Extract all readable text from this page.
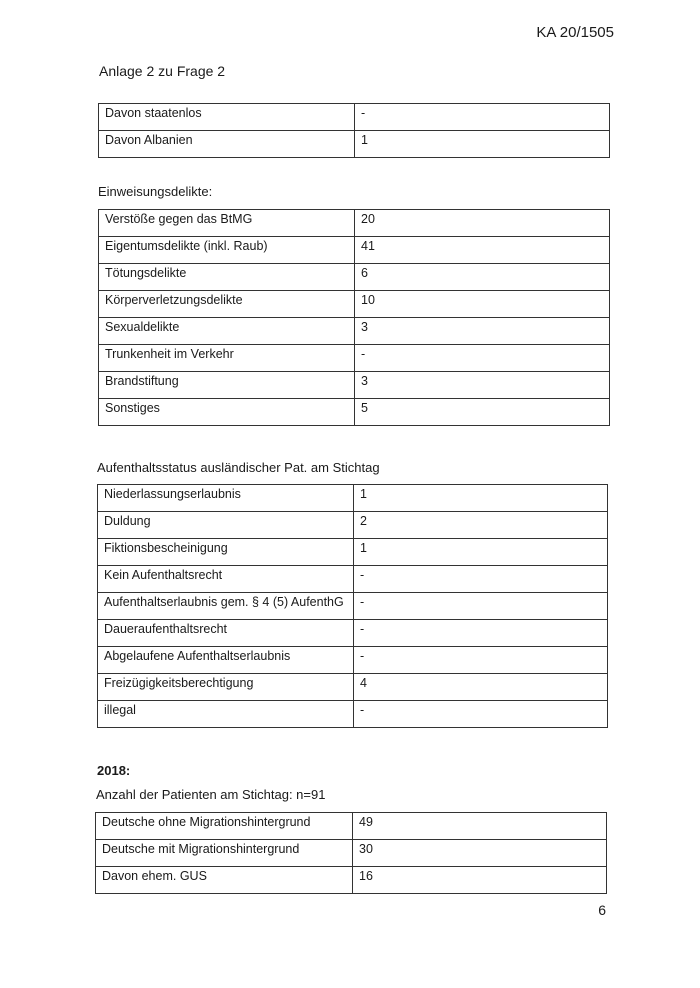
KA 20/1505
Anlage 2 zu Frage 2
Davon staatenlos	-
Davon Albanien	1
Einweisungsdelikte:
Verstöße gegen das BtMG	20
Eigentumsdelikte (inkl. Raub)	41
Tötungsdelikte	6
Körperverletzungsdelikte	10
Sexualdelikte	3
Trunkenheit im Verkehr	-
Brandstiftung	3
Sonstiges	5
Aufenthaltsstatus ausländischer Pat. am Stichtag
Niederlassungserlaubnis	1
Duldung	2
Fiktionsbescheinigung	1
Kein Aufenthaltsrecht	-
Aufenthaltserlaubnis gem. § 4 (5) AufenthG	-
Daueraufenthaltsrecht	-
Abgelaufene Aufenthaltserlaubnis	-
Freizügigkeitsberechtigung	4
illegal	-
2018:
Anzahl der Patienten am Stichtag: n=91
Deutsche ohne Migrationshintergrund	49
Deutsche mit Migrationshintergrund	30
Davon ehem. GUS	16
6
